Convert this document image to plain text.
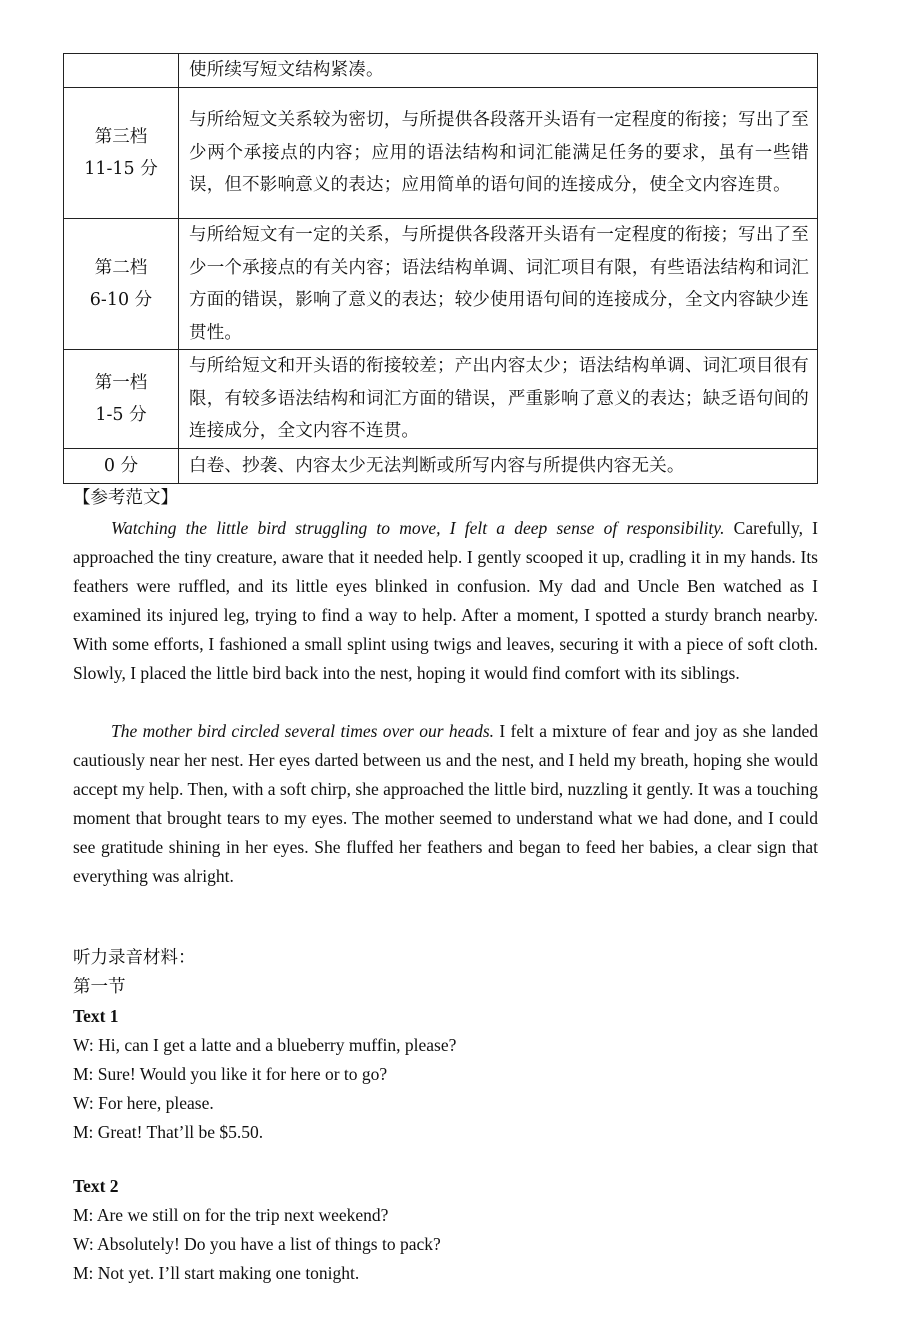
	使所续写短文结构紧凑。

第三档
11-15 分	与所给短文关系较为密切，与所提供各段落开头语有一定程度的衔接；写出了至少两个承接点的内容；应用的语法结构和词汇能满足任务的要求，虽有一些错误，但不影响意义的表达；应用简单的语句间的连接成分，使全文内容连贯。

第二档
6-10 分	与所给短文有一定的关系，与所提供各段落开头语有一定程度的衔接；写出了至少一个承接点的有关内容；语法结构单调、词汇项目有限，有些语法结构和词汇方面的错误，影响了意义的表达；较少使用语句间的连接成分，全文内容缺少连贯性。

第一档
1-5 分	与所给短文和开头语的衔接较差；产出内容太少；语法结构单调、词汇项目很有限，有较多语法结构和词汇方面的错误，严重影响了意义的表达；缺乏语句间的连接成分，全文内容不连贯。

0 分	白卷、抄袭、内容太少无法判断或所写内容与所提供内容无关。
【参考范文】

Watching the little bird struggling to move, I felt a deep sense of responsibility. Carefully, I approached the tiny creature, aware that it needed help. I gently scooped it up, cradling it in my hands. Its feathers were ruffled, and its little eyes blinked in confusion. My dad and Uncle Ben watched as I examined its injured leg, trying to find a way to help. After a moment, I spotted a sturdy branch nearby. With some efforts, I fashioned a small splint using twigs and leaves, securing it with a piece of soft cloth. Slowly, I placed the little bird back into the nest, hoping it would find comfort with its siblings.

The mother bird circled several times over our heads. I felt a mixture of fear and joy as she landed cautiously near her nest. Her eyes darted between us and the nest, and I held my breath, hoping she would accept my help. Then, with a soft chirp, she approached the little bird, nuzzling it gently. It was a touching moment that brought tears to my eyes. The mother seemed to understand what we had done, and I could see gratitude shining in her eyes. She fluffed her feathers and began to feed her babies, a clear sign that everything was alright.

听力录音材料：
第一节
Text 1
W: Hi, can I get a latte and a blueberry muffin, please?
M: Sure! Would you like it for here or to go?
W: For here, please.
M: Great! That’ll be $5.50.
Text 2
M: Are we still on for the trip next weekend?
W: Absolutely! Do you have a list of things to pack?
M: Not yet. I’ll start making one tonight.
